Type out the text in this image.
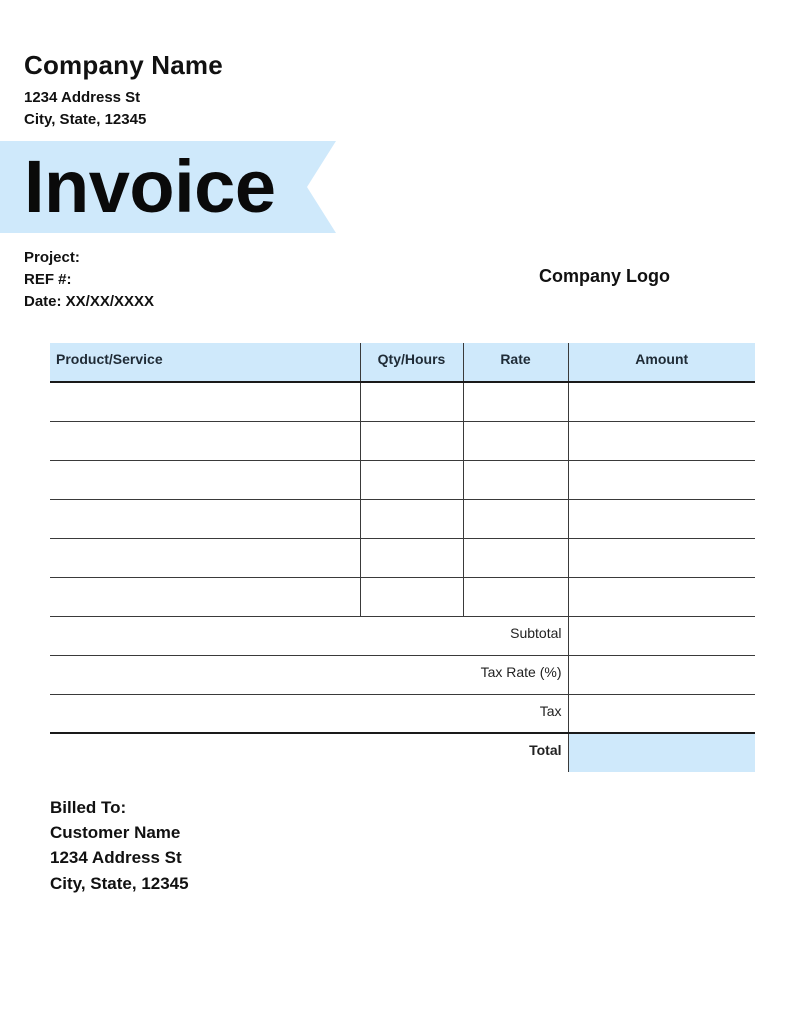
Company Name
1234 Address St
City, State, 12345
Invoice
Project:
REF #:
Date: XX/XX/XXXX
Company Logo
Product/Service	Qty/Hours	Rate	Amount

Subtotal			
Tax Rate (%)			
Tax			
Total			
Billed To:
Customer Name
1234 Address St
City, State, 12345
